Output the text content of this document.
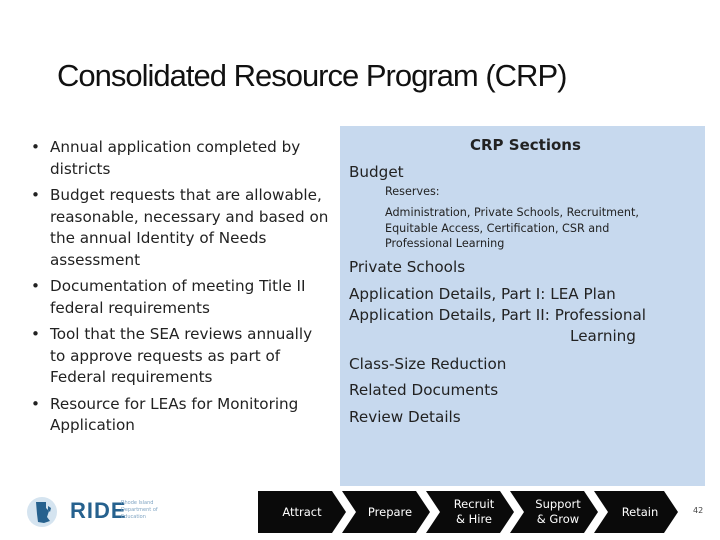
Consolidated Resource Program (CRP)
• Annual application completed by districts
• Budget requests that are allowable, reasonable, necessary and based on the annual Identity of Needs assessment
• Documentation of meeting Title II federal requirements
• Tool that the SEA reviews annually to approve requests as part of Federal requirements
• Resource for LEAs for Monitoring Application
CRP Sections
Budget
Reserves:
Administration, Private Schools, Recruitment,
Equitable Access, Certification, CSR and
Professional Learning
Private Schools
Application Details, Part I: LEA Plan
Application Details, Part II: Professional
Learning
Class-Size Reduction
Related Documents
Review Details
RIDE
Rhode Island Department of Education	Attract	Prepare
Recruit
& Hire
Support
& Grow
Retain	42
